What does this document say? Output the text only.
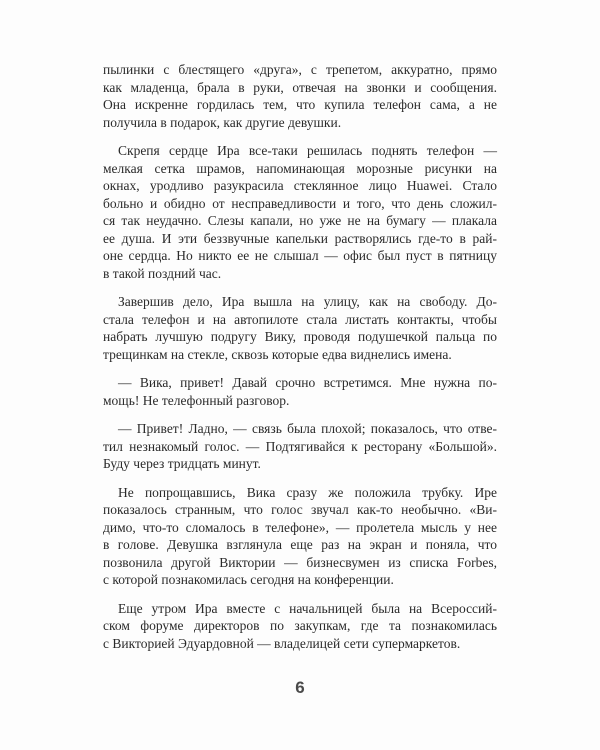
пылинки с блестящего «друга», с трепетом, аккуратно, прямо
как младенца, брала в руки, отвечая на звонки и сообщения.
Она искренне гордилась тем, что купила телефон сама, а не
получила в подарок, как другие девушки.
Скрепя сердце Ира все-таки решилась поднять телефон —
мелкая сетка шрамов, напоминающая морозные рисунки на
окнах, уродливо разукрасила стеклянное лицо Huawei. Стало
больно и обидно от несправедливости и того, что день сложил-
ся так неудачно. Слезы капали, но уже не на бумагу — плакала
ее душа. И эти беззвучные капельки растворялись где-то в рай-
оне сердца. Но никто ее не слышал — офис был пуст в пятницу
в такой поздний час.
Завершив дело, Ира вышла на улицу, как на свободу. До-
стала телефон и на автопилоте стала листать контакты, чтобы
набрать лучшую подругу Вику, проводя подушечкой пальца по
трещинкам на стекле, сквозь которые едва виднелись имена.
— Вика, привет! Давай срочно встретимся. Мне нужна по-
мощь! Не телефонный разговор.
— Привет! Ладно, — связь была плохой; показалось, что отве-
тил незнакомый голос. — Подтягивайся к ресторану «Большой».
Буду через тридцать минут.
Не попрощавшись, Вика сразу же положила трубку. Ире
показалось странным, что голос звучал как-то необычно. «Ви-
димо, что-то сломалось в телефоне», — пролетела мысль у нее
в голове. Девушка взглянула еще раз на экран и поняла, что
позвонила другой Виктории — бизнесвумен из списка Forbes,
с которой познакомилась сегодня на конференции.
Еще утром Ира вместе с начальницей была на Всероссий-
ском форуме директоров по закупкам, где та познакомилась
с Викторией Эдуардовной — владелицей сети супермаркетов.
6
